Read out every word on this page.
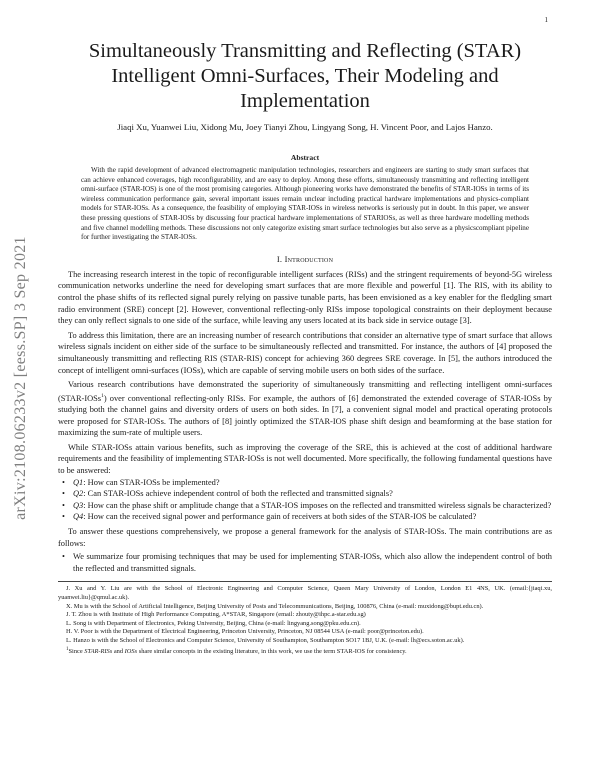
1
arXiv:2108.06233v2 [eess.SP] 3 Sep 2021
Simultaneously Transmitting and Reflecting (STAR) Intelligent Omni-Surfaces, Their Modeling and Implementation
Jiaqi Xu, Yuanwei Liu, Xidong Mu, Joey Tianyi Zhou, Lingyang Song, H. Vincent Poor, and Lajos Hanzo.
Abstract

With the rapid development of advanced electromagnetic manipulation technologies, researchers and engineers are starting to study smart surfaces that can achieve enhanced coverages, high reconfigurability, and are easy to deploy. Among these efforts, simultaneously transmitting and reflecting intelligent omni-surface (STAR-IOS) is one of the most promising categories. Although pioneering works have demonstrated the benefits of STAR-IOSs in terms of its wireless communication performance gain, several important issues remain unclear including practical hardware implementations and physics-compliant models for STAR-IOSs. As a consequence, the feasibility of employing STAR-IOSs in wireless networks is seriously put in doubt. In this paper, we answer these pressing questions of STAR-IOSs by discussing four practical hardware implementations of STARIOSs, as well as three hardware modelling methods and five channel modelling methods. These discussions not only categorize existing smart surface technologies but also serve as a physicscompliant pipeline for further investigating the STAR-IOSs.

I. Introduction

The increasing research interest in the topic of reconfigurable intelligent surfaces (RISs) and the stringent requirements of beyond-5G wireless communication networks underline the need for developing smart surfaces that are more flexible and powerful [1]. The RIS, with its ability to control the phase shifts of its reflected signal purely relying on passive tunable parts, has been envisioned as a key enabler for the fledgling smart radio environment (SRE) concept [2]. However, conventional reflecting-only RISs impose topological constraints on their deployment because they can only reflect signals to one side of the surface, while leaving any users located at its back side in service outage [3].

To address this limitation, there are an increasing number of research contributions that consider an alternative type of smart surface that allows wireless signals incident on either side of the surface to be simultaneously reflected and transmitted. For instance, the authors of [4] proposed the simultaneously transmitting and reflecting RIS (STAR-RIS) concept for achieving 360 degrees SRE coverage. In [5], the authors introduced the concept of intelligent omni-surfaces (IOSs), which are capable of serving mobile users on both sides of the surface.

Various research contributions have demonstrated the superiority of simultaneously transmitting and reflecting intelligent omni-surfaces (STAR-IOSs$^1$) over conventional reflecting-only RISs. For example, the authors of [6] demonstrated the extended coverage of STAR-IOSs by studying both the channel gains and diversity orders of users on both sides. In [7], a convenient signal model and practical operating protocols were proposed for STAR-IOSs. The authors of [8] jointly optimized the STAR-IOS phase shift design and beamforming at the base station for maximizing the sum-rate of multiple users.

While STAR-IOSs attain various benefits, such as improving the coverage of the SRE, this is achieved at the cost of additional hardware requirements and the feasibility of implementing STAR-IOSs is not well documented. More specifically, the following fundamental questions have to be answered:

• Q1: How can STAR-IOSs be implemented?
• Q2: Can STAR-IOSs achieve independent control of both the reflected and transmitted signals?
• Q3: How can the phase shift or amplitude change that a STAR-IOS imposes on the reflected and transmitted wireless signals be characterized?
• Q4: How can the received signal power and performance gain of receivers at both sides of the STAR-IOS be calculated?

To answer these questions comprehensively, we propose a general framework for the analysis of STAR-IOSs. The main contributions are as follows:

• We summarize four promising techniques that may be used for implementing STAR-IOSs, which also allow the independent control of both the reflected and transmitted signals.

J. Xu and Y. Liu are with the School of Electronic Engineering and Computer Science, Queen Mary University of London, London E1 4NS, UK. (email:{jiaqi.xu, yuanwei.liu}@qmul.ac.uk).

X. Mu is with the School of Artificial Intelligence, Beijing University of Posts and Telecommunications, Beijing, 100876, China (e-mail: muxidong@bupt.edu.cn).

J. T. Zhou is with Institute of High Performance Computing, A*STAR, Singapore (email: zhouty@ihpc.a-star.edu.sg)

L. Song is with Department of Electronics, Peking University, Beijing, China (e-mail: lingyang.song@pku.edu.cn).

H. V. Poor is with the Department of Electrical Engineering, Princeton University, Princeton, NJ 08544 USA (e-mail: poor@princeton.edu).

L. Hanzo is with the School of Electronics and Computer Science, University of Southampton, Southampton SO17 1BJ, U.K. (e-mail: lh@ecs.soton.ac.uk).

$^1$Since STAR-RISs and IOSs share similar concepts in the existing literature, in this work, we use the term STAR-IOS for consistency.
